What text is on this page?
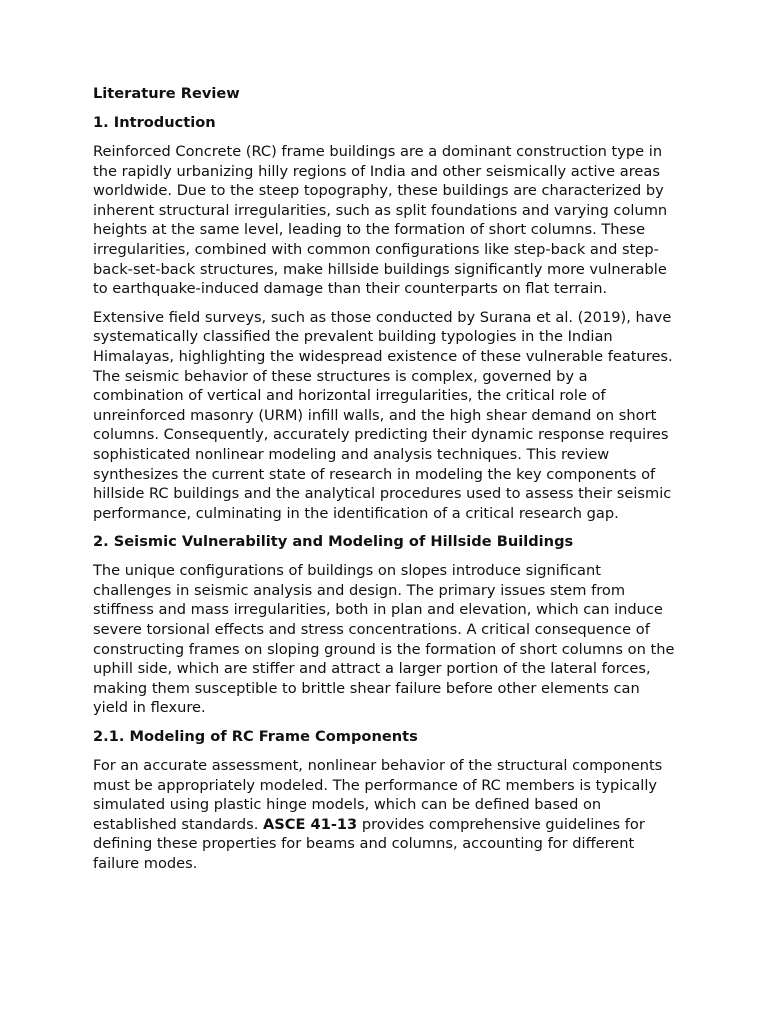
Literature Review
1. Introduction

Reinforced Concrete (RC) frame buildings are a dominant construction type in the rapidly urbanizing hilly regions of India and other seismically active areas worldwide. Due to the steep topography, these buildings are characterized by inherent structural irregularities, such as split foundations and varying column heights at the same level, leading to the formation of short columns. These irregularities, combined with common configurations like step-back and step-back-set-back structures, make hillside buildings significantly more vulnerable to earthquake-induced damage than their counterparts on flat terrain.

Extensive field surveys, such as those conducted by Surana et al. (2019), have systematically classified the prevalent building typologies in the Indian Himalayas, highlighting the widespread existence of these vulnerable features. The seismic behavior of these structures is complex, governed by a combination of vertical and horizontal irregularities, the critical role of unreinforced masonry (URM) infill walls, and the high shear demand on short columns. Consequently, accurately predicting their dynamic response requires sophisticated nonlinear modeling and analysis techniques. This review synthesizes the current state of research in modeling the key components of hillside RC buildings and the analytical procedures used to assess their seismic performance, culminating in the identification of a critical research gap.

2. Seismic Vulnerability and Modeling of Hillside Buildings

The unique configurations of buildings on slopes introduce significant challenges in seismic analysis and design. The primary issues stem from stiffness and mass irregularities, both in plan and elevation, which can induce severe torsional effects and stress concentrations. A critical consequence of constructing frames on sloping ground is the formation of short columns on the uphill side, which are stiffer and attract a larger portion of the lateral forces, making them susceptible to brittle shear failure before other elements can yield in flexure.

2.1. Modeling of RC Frame Components

For an accurate assessment, nonlinear behavior of the structural components must be appropriately modeled. The performance of RC members is typically simulated using plastic hinge models, which can be defined based on established standards. ASCE 41-13 provides comprehensive guidelines for defining these properties for beams and columns, accounting for different failure modes.
